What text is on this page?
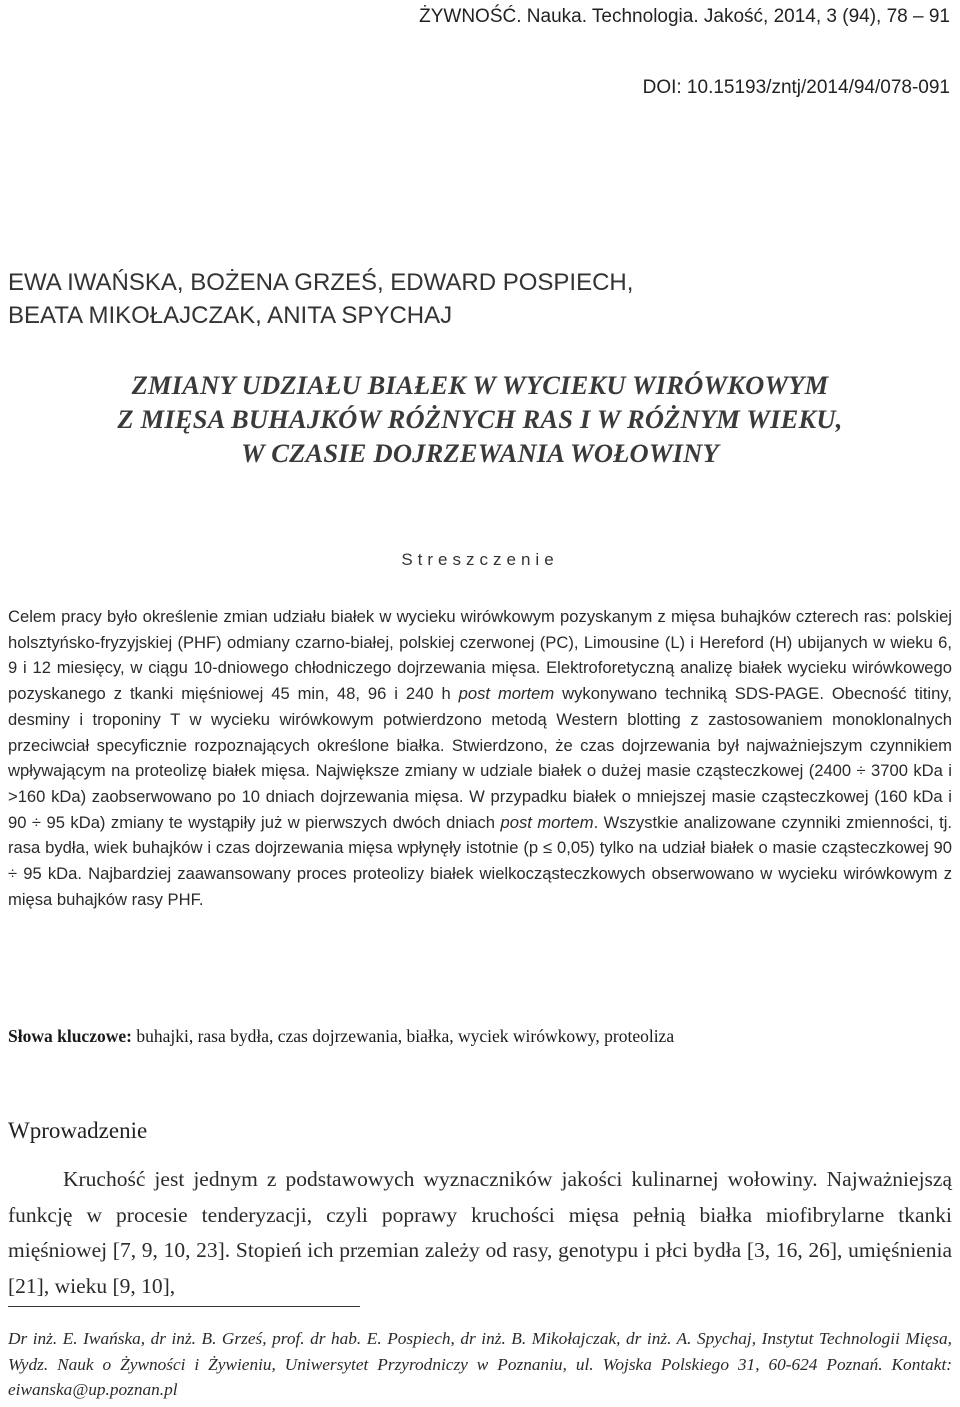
ŻYWNOŚĆ. Nauka. Technologia. Jakość, 2014, 3 (94), 78 – 91
DOI: 10.15193/zntj/2014/94/078-091
EWA IWAŃSKA, BOŻENA GRZEŚ, EDWARD POSPIECH,
BEATA MIKOŁAJCZAK, ANITA SPYCHAJ
ZMIANY UDZIAŁU BIAŁEK W WYCIEKU WIRÓWKOWYM
Z MIĘSA BUHAJKÓW RÓŻNYCH RAS I W RÓŻNYM WIEKU,
W CZASIE DOJRZEWANIA WOŁOWINY
Streszczenie
Celem pracy było określenie zmian udziału białek w wycieku wirówkowym pozyskanym z mięsa buhajków czterech ras: polskiej holsztyńsko-fryzyjskiej (PHF) odmiany czarno-białej, polskiej czerwonej (PC), Limousine (L) i Hereford (H) ubijanych w wieku 6, 9 i 12 miesięcy, w ciągu 10-dniowego chłodniczego dojrzewania mięsa. Elektroforetyczną analizę białek wycieku wirówkowego pozyskanego z tkanki mięśniowej 45 min, 48, 96 i 240 h post mortem wykonywano techniką SDS-PAGE. Obecność titiny, desminy i troponiny T w wycieku wirówkowym potwierdzono metodą Western blotting z zastosowaniem monoklonalnych przeciwciał specyficznie rozpoznających określone białka. Stwierdzono, że czas dojrzewania był najważniejszym czynnikiem wpływającym na proteolizę białek mięsa. Największe zmiany w udziale białek o dużej masie cząsteczkowej (2400 ÷ 3700 kDa i >160 kDa) zaobserwowano po 10 dniach dojrzewania mięsa. W przypadku białek o mniejszej masie cząsteczkowej (160 kDa i 90 ÷ 95 kDa) zmiany te wystąpiły już w pierwszych dwóch dniach post mortem. Wszystkie analizowane czynniki zmienności, tj. rasa bydła, wiek buhajków i czas dojrzewania mięsa wpłynęły istotnie (p ≤ 0,05) tylko na udział białek o masie cząsteczkowej 90 ÷ 95 kDa. Najbardziej zaawansowany proces proteolizy białek wielkocząsteczkowych obserwowano w wycieku wirówkowym z mięsa buhajków rasy PHF.
Słowa kluczowe: buhajki, rasa bydła, czas dojrzewania, białka, wyciek wirówkowy, proteoliza
Wprowadzenie
Kruchość jest jednym z podstawowych wyznaczników jakości kulinarnej wołowiny. Najważniejszą funkcję w procesie tenderyzacji, czyli poprawy kruchości mięsa pełnią białka miofibrylarne tkanki mięśniowej [7, 9, 10, 23]. Stopień ich przemian zależy od rasy, genotypu i płci bydła [3, 16, 26], umięśnienia [21], wieku [9, 10],
Dr inż. E. Iwańska, dr inż. B. Grześ, prof. dr hab. E. Pospiech, dr inż. B. Mikołajczak, dr inż. A. Spychaj, Instytut Technologii Mięsa, Wydz. Nauk o Żywności i Żywieniu, Uniwersytet Przyrodniczy w Poznaniu, ul. Wojska Polskiego 31, 60-624 Poznań. Kontakt: eiwanska@up.poznan.pl
